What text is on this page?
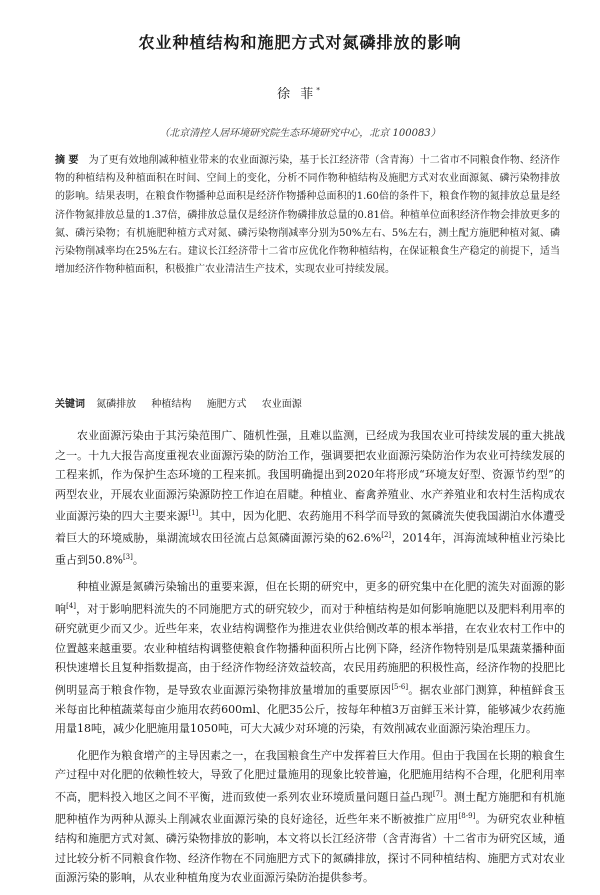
农业种植结构和施肥方式对氮磷排放的影响
徐 菲*
（北京清控人居环境研究院生态环境研究中心，北京 100083）
摘 要 为了更有效地削减种植业带来的农业面源污染，基于长江经济带（含青海）十二省市不同粮食作物、经济作物的种植结构及种植面积在时间、空间上的变化，分析不同作物种植结构及施肥方式对农业面源氮、磷污染物排放的影响。结果表明，在粮食作物播种总面积是经济作物播种总面积的1.60倍的条件下，粮食作物的氮排放总量是经济作物氮排放总量的1.37倍，磷排放总量仅是经济作物磷排放总量的0.81倍。种植单位面积经济作物会排放更多的氮、磷污染物；有机施肥种植方式对氮、磷污染物削减率分别为50%左右、5%左右，测土配方施肥种植对氮、磷污染物削减率均在25%左右。建议长江经济带十二省市应优化作物种植结构，在保证粮食生产稳定的前提下，适当增加经济作物种植面积，积极推广农业清洁生产技术，实现农业可持续发展。
关键词 氮磷排放 种植结构 施肥方式 农业面源

农业面源污染由于其污染范围广、随机性强，且难以监测，已经成为我国农业可持续发展的重大挑战之一。十九大报告高度重视农业面源污染的防治工作，强调要把农业面源污染防治作为农业可持续发展的工程来抓，作为保护生态环境的工程来抓。我国明确提出到2020年将形成“环境友好型、资源节约型”的两型农业，开展农业面源污染源防控工作迫在眉睫。种植业、畜禽养殖业、水产养殖业和农村生活构成农业面源污染的四大主要来源[1]。其中，因为化肥、农药施用不科学而导致的氮磷流失使我国湖泊水体遭受着巨大的环境威胁，巢湖流域农田径流占总氮磷面源污染的62.6%[2]，2014年，洱海流域种植业污染比重占到50.8%[3]。

种植业源是氮磷污染输出的重要来源，但在长期的研究中，更多的研究集中在化肥的流失对面源的影响[4]，对于影响肥料流失的不同施肥方式的研究较少，而对于种植结构是如何影响施肥以及肥料利用率的研究就更少而又少。近些年来，农业结构调整作为推进农业供给侧改革的根本举措，在农业农村工作中的位置越来越重要。农业种植结构调整使粮食作物播种面积所占比例下降，经济作物特别是瓜果蔬菜播种面积快速增长且复种指数提高，由于经济作物经济效益较高，农民用药施肥的积极性高，经济作物的投肥比例明显高于粮食作物，是导致农业面源污染物排放量增加的重要原因[5-6]。据农业部门测算，种植鲜食玉米每亩比种植蔬菜每亩少施用农药600ml、化肥35公斤，按每年种植3万亩鲜玉米计算，能够减少农药施用量18吨，减少化肥施用量1050吨，可大大减少对环境的污染，有效削减农业面源污染治理压力。

化肥作为粮食增产的主导因素之一，在我国粮食生产中发挥着巨大作用。但由于我国在长期的粮食生产过程中对化肥的依赖性较大，导致了化肥过量施用的现象比较普遍，化肥施用结构不合理，化肥利用率不高，肥料投入地区之间不平衡，进而致使一系列农业环境质量问题日益凸现[7]。测土配方施肥和有机施肥种植作为两种从源头上削减农业面源污染的良好途径，近些年来不断被推广应用[8-9]。为研究农业种植结构和施肥方式对氮、磷污染物排放的影响，本文将以长江经济带（含青海省）十二省市为研究区域，通过比较分析不同粮食作物、经济作物在不同施肥方式下的氮磷排放，探讨不同种植结构、施肥方式对农业面源污染的影响，从农业种植角度为农业面源污染防治提供参考。
